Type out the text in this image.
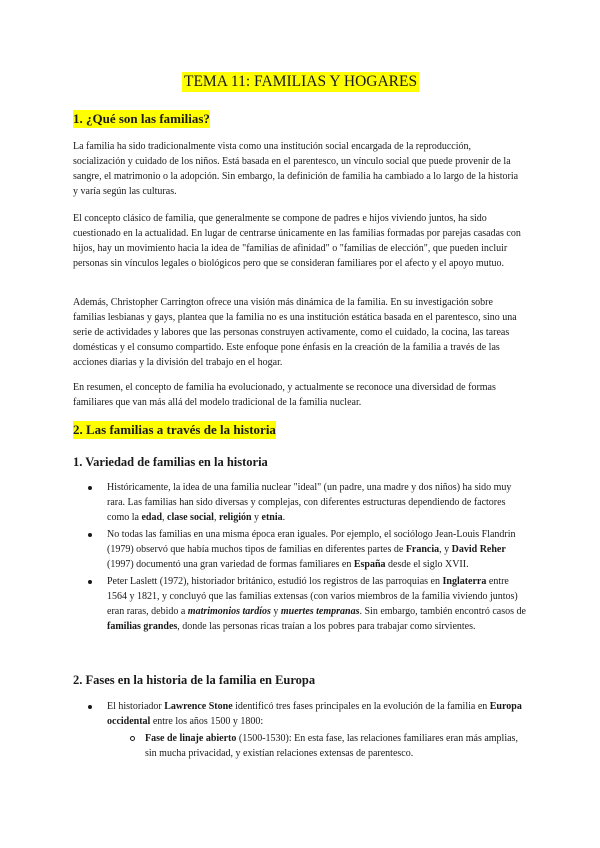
TEMA 11: FAMILIAS Y HOGARES
1. ¿Qué son las familias?

La familia ha sido tradicionalmente vista como una institución social encargada de la reproducción, socialización y cuidado de los niños. Está basada en el parentesco, un vínculo social que puede provenir de la sangre, el matrimonio o la adopción. Sin embargo, la definición de familia ha cambiado a lo largo de la historia y varía según las culturas.

El concepto clásico de familia, que generalmente se compone de padres e hijos viviendo juntos, ha sido cuestionado en la actualidad. En lugar de centrarse únicamente en las familias formadas por parejas casadas con hijos, hay un movimiento hacia la idea de "familias de afinidad" o "familias de elección", que pueden incluir personas sin vínculos legales o biológicos pero que se consideran familiares por el afecto y el apoyo mutuo.

Además, Christopher Carrington ofrece una visión más dinámica de la familia. En su investigación sobre familias lesbianas y gays, plantea que la familia no es una institución estática basada en el parentesco, sino una serie de actividades y labores que las personas construyen activamente, como el cuidado, la cocina, las tareas domésticas y el consumo compartido. Este enfoque pone énfasis en la creación de la familia a través de las acciones diarias y la división del trabajo en el hogar.

En resumen, el concepto de familia ha evolucionado, y actualmente se reconoce una diversidad de formas familiares que van más allá del modelo tradicional de la familia nuclear.

2. Las familias a través de la historia
1. Variedad de familias en la historia
Históricamente, la idea de una familia nuclear "ideal" (un padre, una madre y dos niños) ha sido muy rara. Las familias han sido diversas y complejas, con diferentes estructuras dependiendo de factores como la edad, clase social, religión y etnia.
No todas las familias en una misma época eran iguales. Por ejemplo, el sociólogo Jean-Louis Flandrin (1979) observó que había muchos tipos de familias en diferentes partes de Francia, y David Reher (1997) documentó una gran variedad de formas familiares en España desde el siglo XVII.
Peter Laslett (1972), historiador británico, estudió los registros de las parroquias en Inglaterra entre 1564 y 1821, y concluyó que las familias extensas (con varios miembros de la familia viviendo juntos) eran raras, debido a matrimonios tardíos y muertes tempranas. Sin embargo, también encontró casos de familias grandes, donde las personas ricas traían a los pobres para trabajar como sirvientes.
2. Fases en la historia de la familia en Europa
El historiador Lawrence Stone identificó tres fases principales en la evolución de la familia en Europa occidental entre los años 1500 y 1800:
Fase de linaje abierto (1500-1530): En esta fase, las relaciones familiares eran más amplias, sin mucha privacidad, y existían relaciones extensas de parentesco.
